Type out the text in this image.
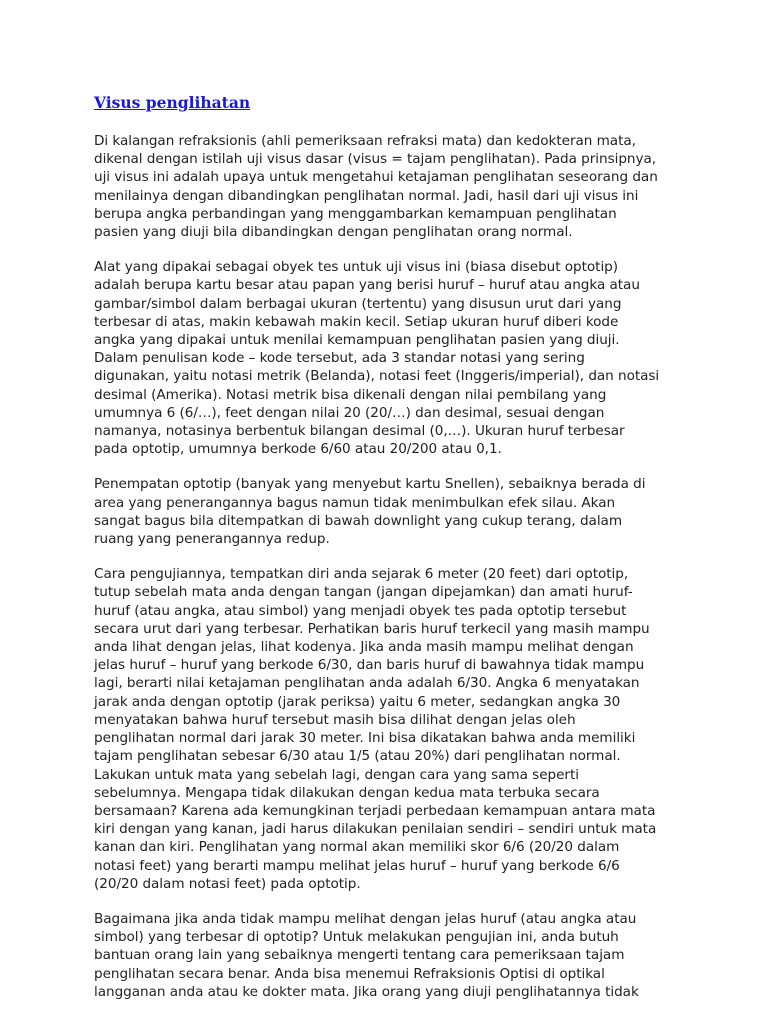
Visus penglihatan

Di kalangan refraksionis (ahli pemeriksaan refraksi mata) dan kedokteran mata, dikenal dengan istilah uji visus dasar (visus = tajam penglihatan). Pada prinsipnya, uji visus ini adalah upaya untuk mengetahui ketajaman penglihatan seseorang dan menilainya dengan dibandingkan penglihatan normal. Jadi, hasil dari uji visus ini berupa angka perbandingan yang menggambarkan kemampuan penglihatan pasien yang diuji bila dibandingkan dengan penglihatan orang normal.

Alat yang dipakai sebagai obyek tes untuk uji visus ini (biasa disebut optotip) adalah berupa kartu besar atau papan yang berisi huruf – huruf atau angka atau gambar/simbol dalam berbagai ukuran (tertentu) yang disusun urut dari yang terbesar di atas, makin kebawah makin kecil. Setiap ukuran huruf diberi kode angka yang dipakai untuk menilai kemampuan penglihatan pasien yang diuji. Dalam penulisan kode – kode tersebut, ada 3 standar notasi yang sering digunakan, yaitu notasi metrik (Belanda), notasi feet (Inggeris/imperial), dan notasi desimal (Amerika). Notasi metrik bisa dikenali dengan nilai pembilang yang umumnya 6 (6/…), feet dengan nilai 20 (20/…) dan desimal, sesuai dengan namanya, notasinya berbentuk bilangan desimal (0,…). Ukuran huruf terbesar pada optotip, umumnya berkode 6/60 atau 20/200 atau 0,1.

Penempatan optotip (banyak yang menyebut kartu Snellen), sebaiknya berada di area yang penerangannya bagus namun tidak menimbulkan efek silau. Akan sangat bagus bila ditempatkan di bawah downlight yang cukup terang, dalam ruang yang penerangannya redup.

Cara pengujiannya, tempatkan diri anda sejarak 6 meter (20 feet) dari optotip, tutup sebelah mata anda dengan tangan (jangan dipejamkan) dan amati huruf-huruf (atau angka, atau simbol) yang menjadi obyek tes pada optotip tersebut secara urut dari yang terbesar. Perhatikan baris huruf terkecil yang masih mampu anda lihat dengan jelas, lihat kodenya. Jika anda masih mampu melihat dengan jelas huruf – huruf yang berkode 6/30, dan baris huruf di bawahnya tidak mampu lagi, berarti nilai ketajaman penglihatan anda adalah 6/30. Angka 6 menyatakan jarak anda dengan optotip (jarak periksa) yaitu 6 meter, sedangkan angka 30 menyatakan bahwa huruf tersebut masih bisa dilihat dengan jelas oleh penglihatan normal dari jarak 30 meter. Ini bisa dikatakan bahwa anda memiliki tajam penglihatan sebesar 6/30 atau 1/5 (atau 20%) dari penglihatan normal. Lakukan untuk mata yang sebelah lagi, dengan cara yang sama seperti sebelumnya. Mengapa tidak dilakukan dengan kedua mata terbuka secara bersamaan? Karena ada kemungkinan terjadi perbedaan kemampuan antara mata kiri dengan yang kanan, jadi harus dilakukan penilaian sendiri – sendiri untuk mata kanan dan kiri. Penglihatan yang normal akan memiliki skor 6/6 (20/20 dalam notasi feet) yang berarti mampu melihat jelas huruf – huruf yang berkode 6/6 (20/20 dalam notasi feet) pada optotip.

Bagaimana jika anda tidak mampu melihat dengan jelas huruf (atau angka atau simbol) yang terbesar di optotip? Untuk melakukan pengujian ini, anda butuh bantuan orang lain yang sebaiknya mengerti tentang cara pemeriksaan tajam penglihatan secara benar. Anda bisa menemui Refraksionis Optisi di optikal langganan anda atau ke dokter mata. Jika orang yang diuji penglihatannya tidak
